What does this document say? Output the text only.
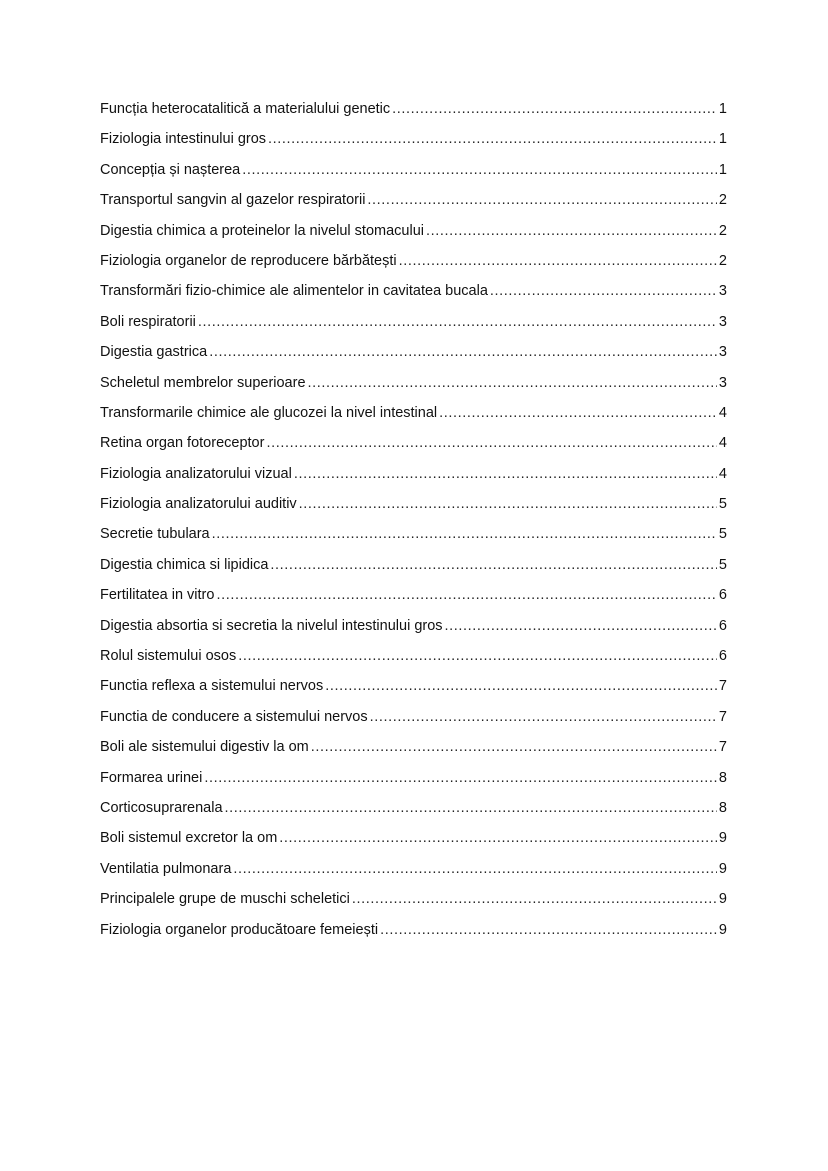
Funcția heterocatalitică a materialului genetic .....	1
Fiziologia intestinului gros .....	1
Concepția și nașterea .....	1
Transportul sangvin al gazelor respiratorii .....	2
Digestia chimica a proteinelor la nivelul stomacului .....	2
Fiziologia organelor de reproducere bărbătești .....	2
Transformări fizio-chimice ale alimentelor in cavitatea bucala .....	3
Boli respiratorii .....	3
Digestia gastrica .....	3
Scheletul membrelor superioare .....	3
Transformarile chimice ale glucozei la nivel intestinal .....	4
Retina organ fotoreceptor .....	4
Fiziologia analizatorului vizual .....	4
Fiziologia analizatorului auditiv .....	5
Secretie tubulara .....	5
Digestia chimica si lipidica .....	5
Fertilitatea in vitro .....	6
Digestia absortia si secretia la nivelul intestinului gros .....	6
Rolul sistemului osos .....	6
Functia reflexa a sistemului nervos .....	7
Functia de conducere a sistemului nervos .....	7
Boli ale sistemului digestiv la om .....	7
Formarea urinei .....	8
Corticosuprarenala .....	8
Boli sistemul excretor la om .....	9
Ventilatia pulmonara .....	9
Principalele grupe de muschi scheletici .....	9
Fiziologia organelor producătoare femeiești .....	9
